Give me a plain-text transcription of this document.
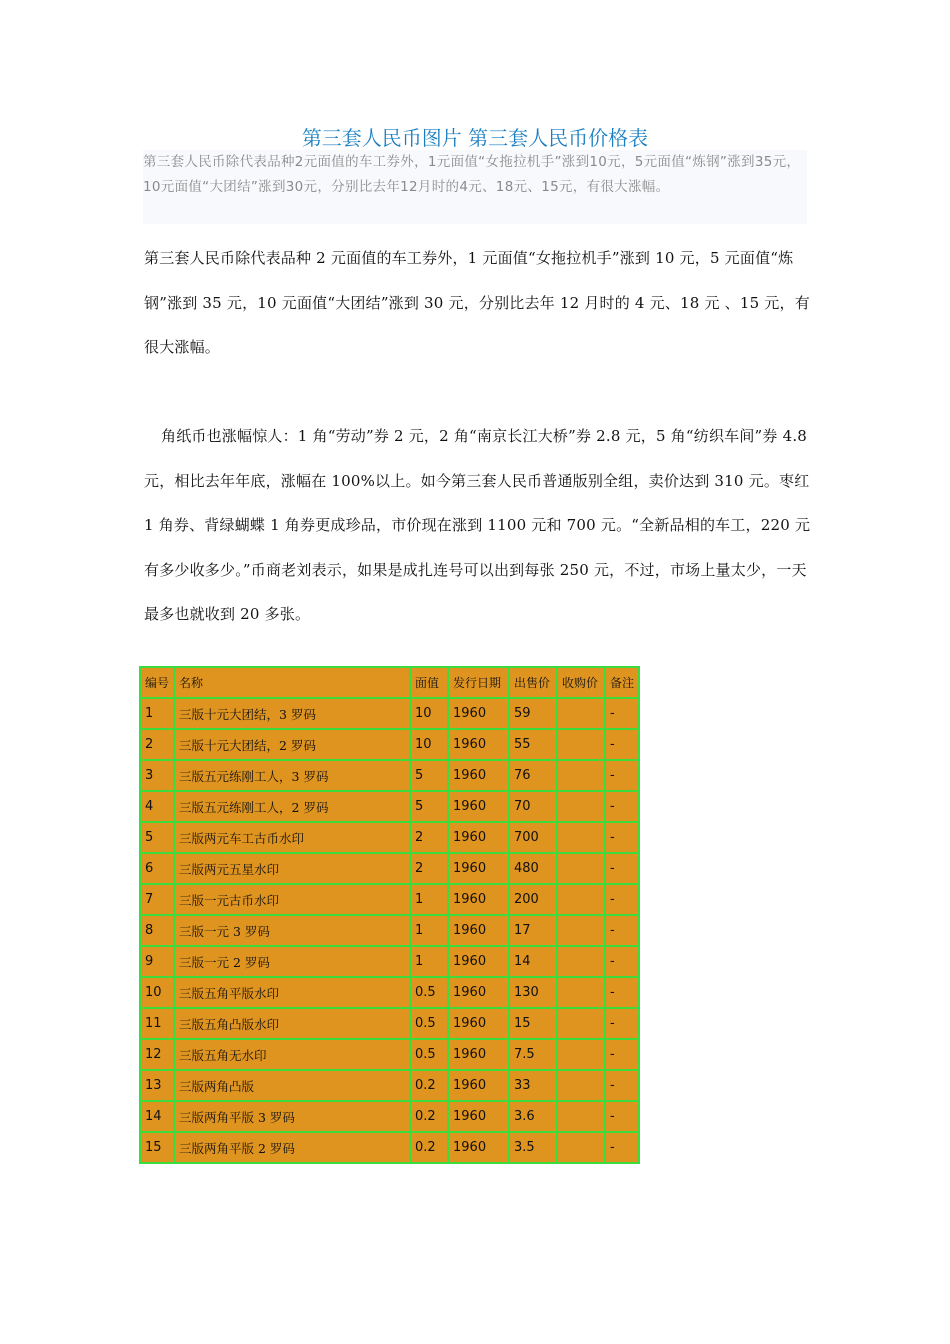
第三套人民币图片 第三套人民币价格表

第三套人民币除代表品种2元面值的车工券外，1元面值“女拖拉机手”涨到10元，5元面值“炼钢”涨到35元，10元面值“大团结”涨到30元，分别比去年12月时的4元、18元、15元，有很大涨幅。

第三套人民币除代表品种 2 元面值的车工券外，1 元面值“女拖拉机手”涨到 10 元，5 元面值“炼钢”涨到 35 元，10 元面值“大团结”涨到 30 元，分别比去年 12 月时的 4 元、18 元 、15 元，有很大涨幅。

角纸币也涨幅惊人：1 角“劳动”券 2 元，2 角“南京长江大桥”券 2.8 元，5 角“纺织车间”券 4.8 元，相比去年年底，涨幅在 100%以上。如今第三套人民币普通版别全组，卖价达到 310 元。枣红 1 角券、背绿蝴蝶 1 角券更成珍品，市价现在涨到 1100 元和 700 元。“全新品相的车工，220 元有多少收多少。”币商老刘表示，如果是成扎连号可以出到每张 250 元，不过，市场上量太少，一天最多也就收到 20 多张。

编号	名称	面值	发行日期	出售价	收购价	备注
1	三版十元大团结，3 罗码	10	1960	59		-
2	三版十元大团结，2 罗码	10	1960	55		-
3	三版五元练刚工人，3 罗码	5	1960	76		-
4	三版五元练刚工人，2 罗码	5	1960	70		-
5	三版两元车工古币水印	2	1960	700		-
6	三版两元五星水印	2	1960	480		-
7	三版一元古币水印	1	1960	200		-
8	三版一元 3 罗码	1	1960	17		-
9	三版一元 2 罗码	1	1960	14		-
10	三版五角平版水印	0.5	1960	130		-
11	三版五角凸版水印	0.5	1960	15		-
12	三版五角无水印	0.5	1960	7.5		-
13	三版两角凸版	0.2	1960	33		-
14	三版两角平版 3 罗码	0.2	1960	3.6		-
15	三版两角平版 2 罗码	0.2	1960	3.5		-
